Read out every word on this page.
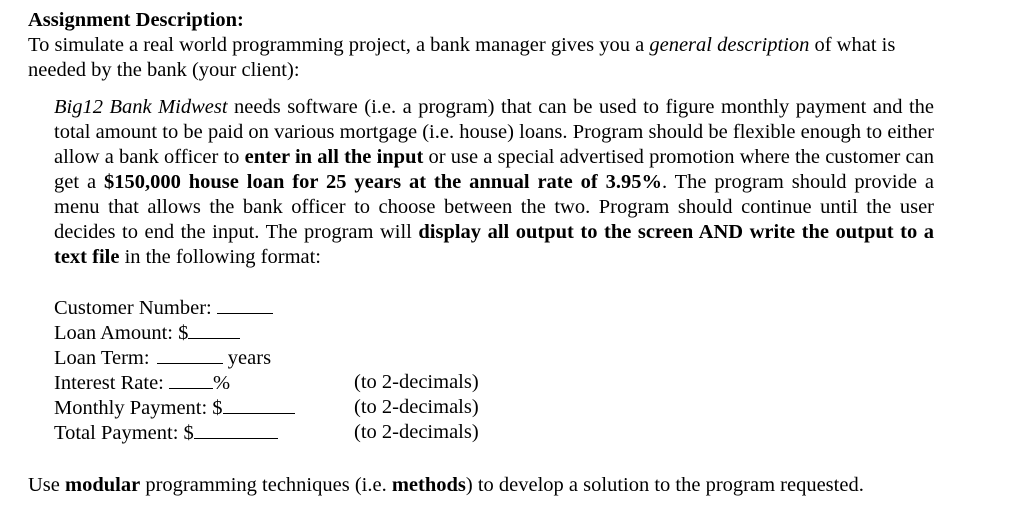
Assignment Description:

To simulate a real world programming project, a bank manager gives you a general description of what is needed by the bank (your client):

Big12 Bank Midwest needs software (i.e. a program) that can be used to figure monthly payment and the total amount to be paid on various mortgage (i.e. house) loans. Program should be flexible enough to either allow a bank officer to enter in all the input or use a special advertised promotion where the customer can get a $150,000 house loan for 25 years at the annual rate of 3.95%. The program should provide a menu that allows the bank officer to choose between the two. Program should continue until the user decides to end the input. The program will display all output to the screen AND write the output to a text file in the following format:

Customer Number:
Loan Amount: $
Loan Term:	years
Interest Rate: %
Monthly Payment: $
Total Payment: $
(to 2-decimals)
(to 2-decimals)
(to 2-decimals)
Use modular programming techniques (i.e. methods) to develop a solution to the program requested.
